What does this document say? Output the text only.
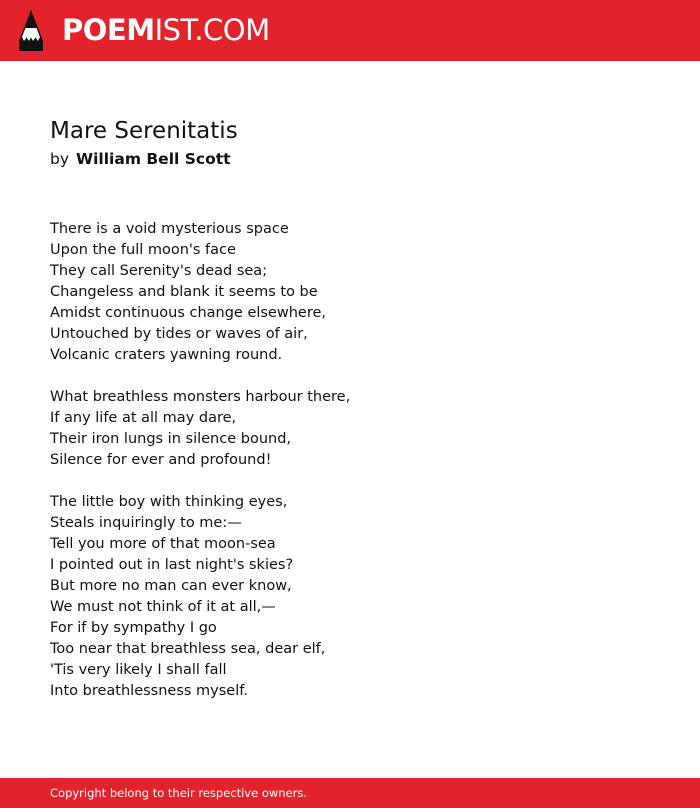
POEMIST.COM
Mare Serenitatis
by William Bell Scott
There is a void mysterious space
Upon the full moon's face
They call Serenity's dead sea;
Changeless and blank it seems to be
Amidst continuous change elsewhere,
Untouched by tides or waves of air,
Volcanic craters yawning round.
What breathless monsters harbour there,
If any life at all may dare,
Their iron lungs in silence bound,
Silence for ever and profound!
The little boy with thinking eyes,
Steals inquiringly to me:—
Tell you more of that moon-sea
I pointed out in last night's skies?
But more no man can ever know,
We must not think of it at all,—
For if by sympathy I go
Too near that breathless sea, dear elf,
'Tis very likely I shall fall
Into breathlessness myself.
Copyright belong to their respective owners.
